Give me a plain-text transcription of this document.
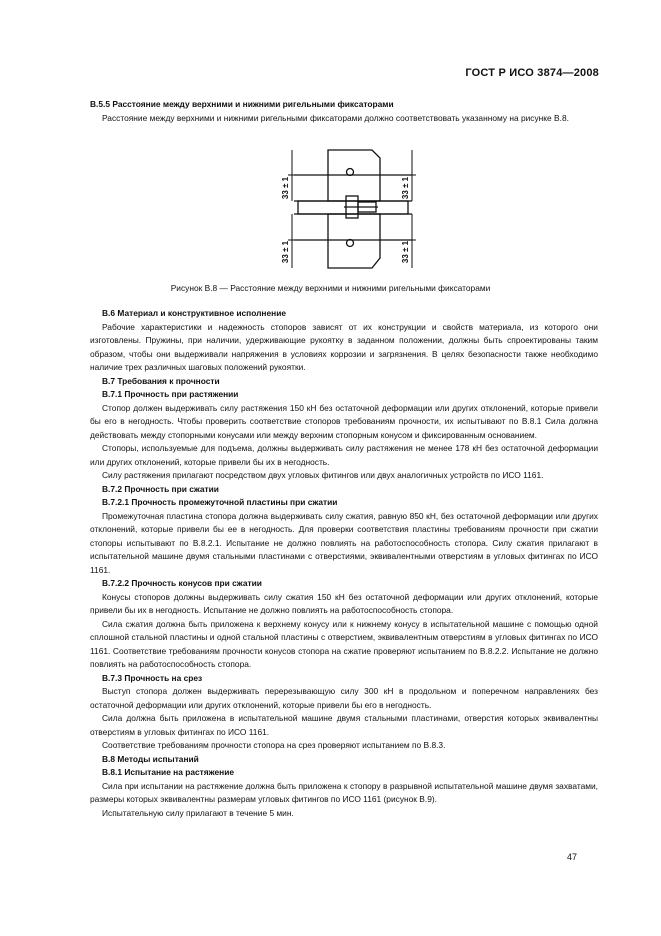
ГОСТ Р ИСО 3874—2008

В.5.5 Расстояние между верхними и нижними ригельными фиксаторами

Расстояние между верхними и нижними ригельными фиксаторами должно соответствовать указанному на рисунке В.8.

33 ± 1
33 ± 1
33 ± 1
33 ± 1
Рисунок В.8 — Расстояние между верхними и нижними ригельными фиксаторами

В.6 Материал и конструктивное исполнение

Рабочие характеристики и надежность стопоров зависят от их конструкции и свойств материала, из которого они изготовлены. Пружины, при наличии, удерживающие рукоятку в заданном положении, должны быть спроектированы таким образом, чтобы они выдерживали напряжения в условиях коррозии и загрязнения. В целях безопасности также необходимо наличие трех различных шаговых положений рукоятки.

В.7 Требования к прочности

В.7.1 Прочность при растяжении

Стопор должен выдерживать силу растяжения 150 кН без остаточной деформации или других отклонений, которые привели бы его в негодность. Чтобы проверить соответствие стопоров требованиям прочности, их испытывают по В.8.1 Сила должна действовать между стопорными конусами или между верхним стопорным конусом и фиксированным основанием.

Стопоры, используемые для подъема, должны выдерживать силу растяжения не менее 178 кН без остаточной деформации или других отклонений, которые привели бы их в негодность.

Силу растяжения прилагают посредством двух угловых фитингов или двух аналогичных устройств по ИСО 1161.

В.7.2 Прочность при сжатии

В.7.2.1 Прочность промежуточной пластины при сжатии

Промежуточная пластина стопора должна выдерживать силу сжатия, равную 850 кН, без остаточной деформации или других отклонений, которые привели бы ее в негодность. Для проверки соответствия пластины требованиям прочности при сжатии стопоры испытывают по В.8.2.1. Испытание не должно повлиять на работоспособность стопора. Силу сжатия прилагают в испытательной машине двумя стальными пластинами с отверстиями, эквивалентными отверстиям в угловых фитингах по ИСО 1161.

В.7.2.2 Прочность конусов при сжатии

Конусы стопоров должны выдерживать силу сжатия 150 кН без остаточной деформации или других отклонений, которые привели бы их в негодность. Испытание не должно повлиять на работоспособность стопора.

Сила сжатия должна быть приложена к верхнему конусу или к нижнему конусу в испытательной машине с помощью одной сплошной стальной пластины и одной стальной пластины с отверстием, эквивалентным отверстиям в угловых фитингах по ИСО 1161. Соответствие требованиям прочности конусов стопора на сжатие проверяют испытанием по В.8.2.2. Испытание не должно повлиять на работоспособность стопора.

В.7.3 Прочность на срез

Выступ стопора должен выдерживать перерезывающую силу 300 кН в продольном и поперечном направлениях без остаточной деформации или других отклонений, которые привели бы его в негодность.

Сила должна быть приложена в испытательной машине двумя стальными пластинами, отверстия которых эквивалентны отверстиям в угловых фитингах по ИСО 1161.

Соответствие требованиям прочности стопора на срез проверяют испытанием по В.8.3.

В.8 Методы испытаний

В.8.1 Испытание на растяжение

Сила при испытании на растяжение должна быть приложена к стопору в разрывной испытательной машине двумя захватами, размеры которых эквивалентны размерам угловых фитингов по ИСО 1161 (рисунок В.9).

Испытательную силу прилагают в течение 5 мин.

47
